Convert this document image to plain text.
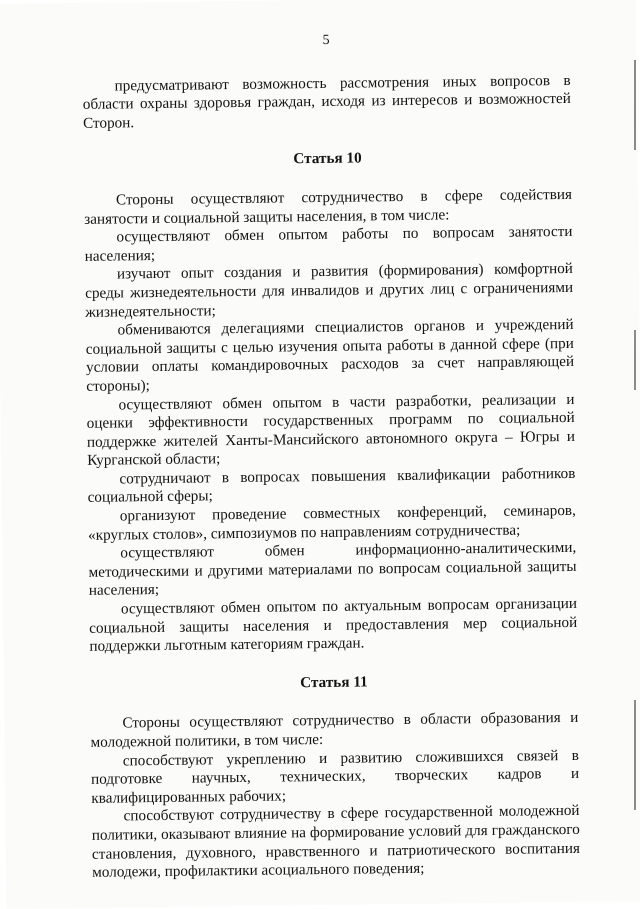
5

предусматривают возможность рассмотрения иных вопросов в области охраны здоровья граждан, исходя из интересов и возможностей Сторон.

Статья 10

Стороны осуществляют сотрудничество в сфере содействия занятости и социальной защиты населения, в том числе:

осуществляют обмен опытом работы по вопросам занятости населения;

изучают опыт создания и развития (формирования) комфортной среды жизнедеятельности для инвалидов и других лиц с ограничениями жизнедеятельности;

обмениваются делегациями специалистов органов и учреждений социальной защиты с целью изучения опыта работы в данной сфере (при условии оплаты командировочных расходов за счет направляющей стороны);

осуществляют обмен опытом в части разработки, реализации и оценки эффективности государственных программ по социальной поддержке жителей Ханты-Мансийского автономного округа – Югры и Курганской области;

сотрудничают в вопросах повышения квалификации работников социальной сферы;

организуют проведение совместных конференций, семинаров, «круглых столов», симпозиумов по направлениям сотрудничества;

осуществляют обмен информационно-аналитическими, методическими и другими материалами по вопросам социальной защиты населения;

осуществляют обмен опытом по актуальным вопросам организации социальной защиты населения и предоставления мер социальной поддержки льготным категориям граждан.

Статья 11

Стороны осуществляют сотрудничество в области образования и молодежной политики, в том числе:

способствуют укреплению и развитию сложившихся связей в подготовке научных, технических, творческих кадров и квалифицированных рабочих;

способствуют сотрудничеству в сфере государственной молодежной политики, оказывают влияние на формирование условий для гражданского становления, духовного, нравственного и патриотического воспитания молодежи, профилактики асоциального поведения;
